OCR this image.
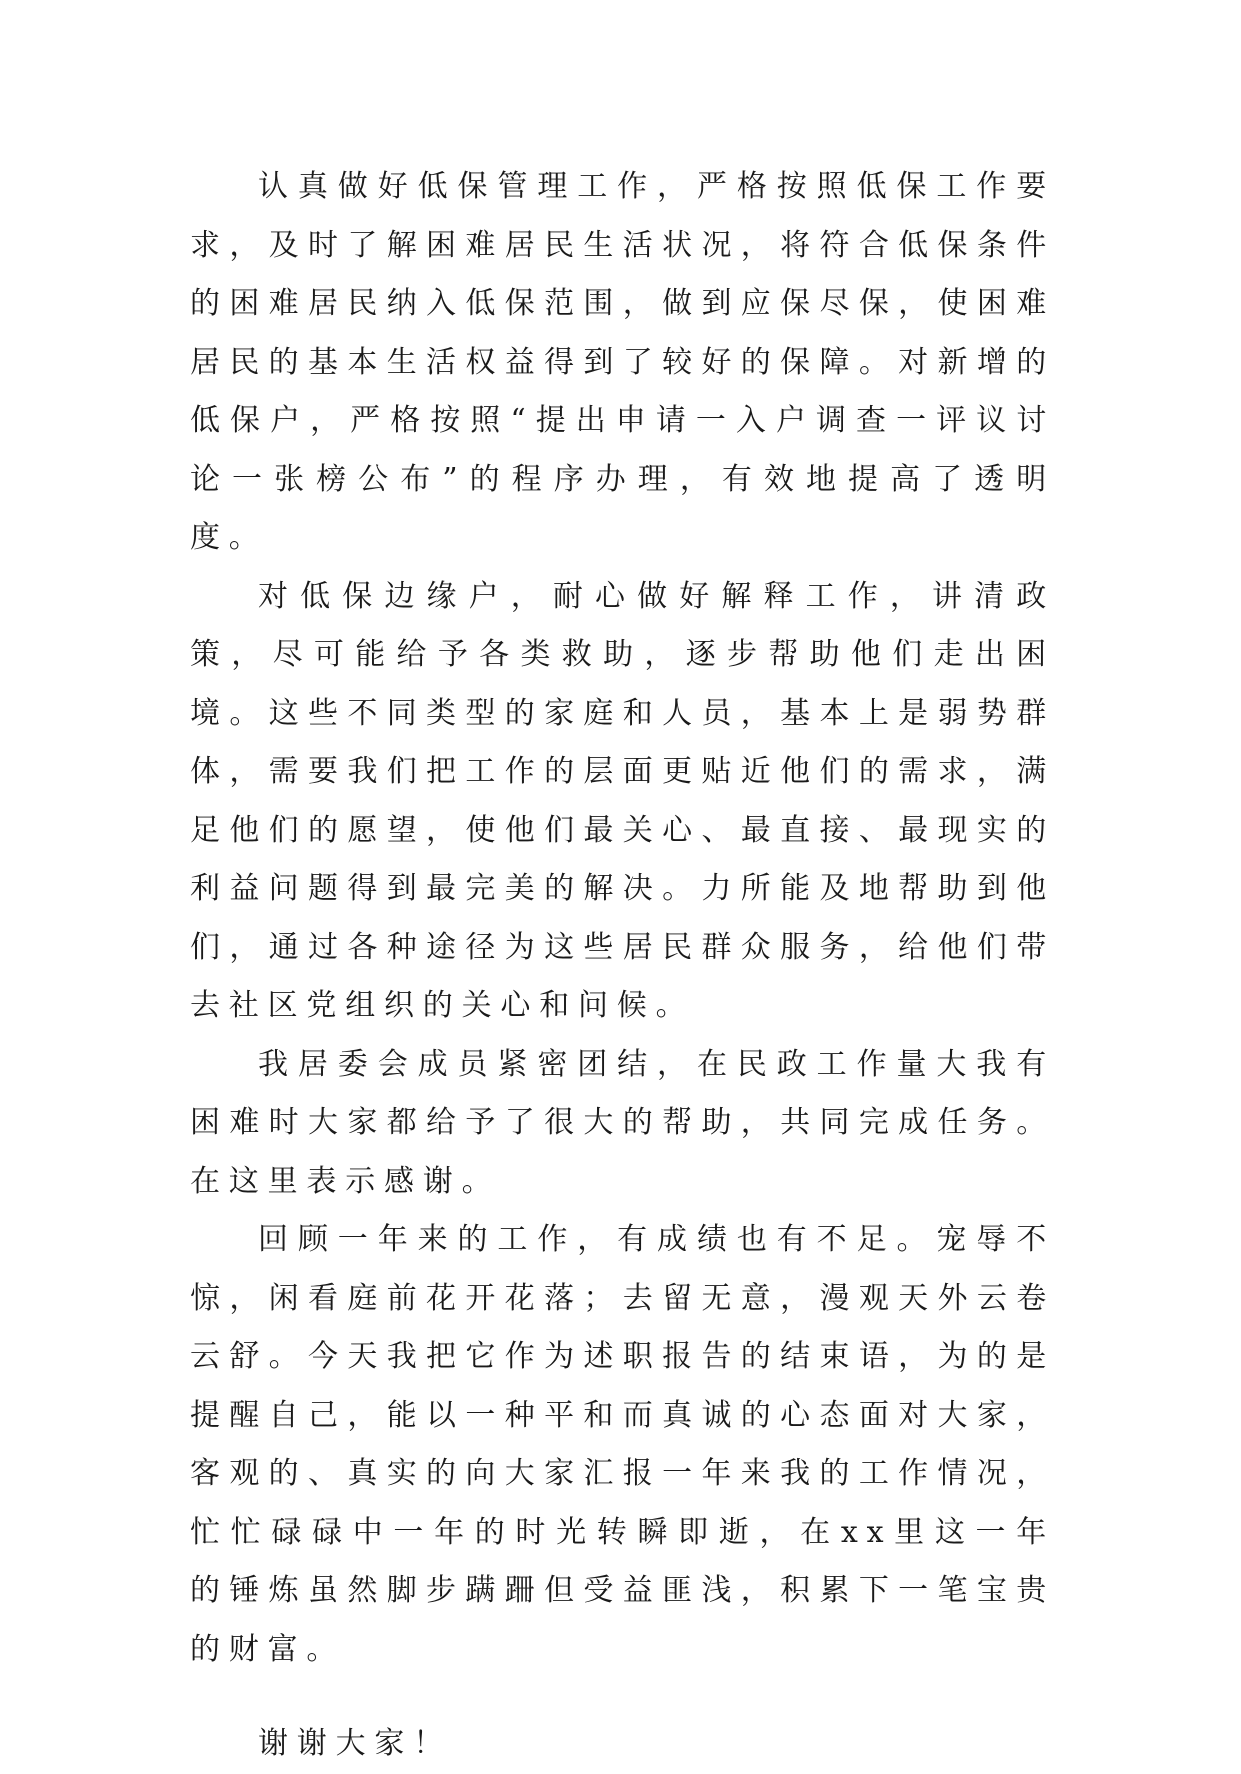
认真做好低保管理工作，严格按照低保工作要求，及时了解困难居民生活状况，将符合低保条件的困难居民纳入低保范围，做到应保尽保，使困难居民的基本生活权益得到了较好的保障。对新增的低保户，严格按照“提出申请一入户调查一评议讨论一张榜公布”的程序办理，有效地提高了透明度。

对低保边缘户，耐心做好解释工作，讲清政策，尽可能给予各类救助，逐步帮助他们走出困境。这些不同类型的家庭和人员，基本上是弱势群体，需要我们把工作的层面更贴近他们的需求，满足他们的愿望，使他们最关心、最直接、最现实的利益问题得到最完美的解决。力所能及地帮助到他们，通过各种途径为这些居民群众服务，给他们带去社区党组织的关心和问候。

我居委会成员紧密团结，在民政工作量大我有困难时大家都给予了很大的帮助，共同完成任务。在这里表示感谢。

回顾一年来的工作，有成绩也有不足。宠辱不惊，闲看庭前花开花落；去留无意，漫观天外云卷云舒。今天我把它作为述职报告的结束语，为的是提醒自己，能以一种平和而真诚的心态面对大家，客观的、真实的向大家汇报一年来我的工作情况，忙忙碌碌中一年的时光转瞬即逝，在xx里这一年的锤炼虽然脚步蹒跚但受益匪浅，积累下一笔宝贵的财富。

谢谢大家！
